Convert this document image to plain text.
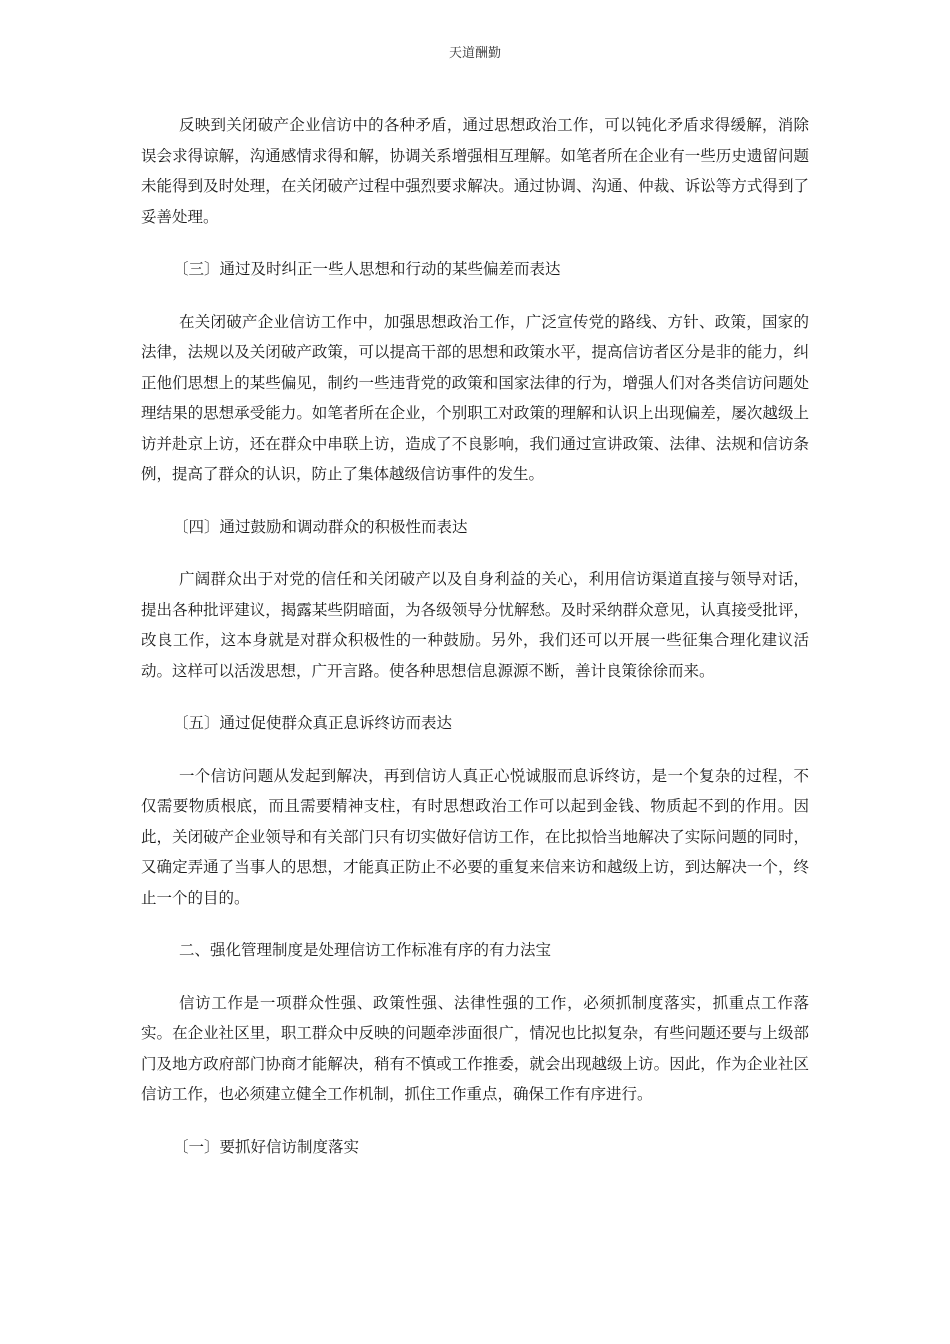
天道酬勤

反映到关闭破产企业信访中的各种矛盾，通过思想政治工作，可以钝化矛盾求得缓解，消除误会求得谅解，沟通感情求得和解，协调关系增强相互理解。如笔者所在企业有一些历史遗留问题未能得到及时处理，在关闭破产过程中强烈要求解决。通过协调、沟通、仲裁、诉讼等方式得到了妥善处理。

〔三〕通过及时纠正一些人思想和行动的某些偏差而表达

在关闭破产企业信访工作中，加强思想政治工作，广泛宣传党的路线、方针、政策，国家的法律，法规以及关闭破产政策，可以提高干部的思想和政策水平，提高信访者区分是非的能力，纠正他们思想上的某些偏见，制约一些违背党的政策和国家法律的行为，增强人们对各类信访问题处理结果的思想承受能力。如笔者所在企业，个别职工对政策的理解和认识上出现偏差，屡次越级上访并赴京上访，还在群众中串联上访，造成了不良影响，我们通过宣讲政策、法律、法规和信访条例，提高了群众的认识，防止了集体越级信访事件的发生。

〔四〕通过鼓励和调动群众的积极性而表达

广阔群众出于对党的信任和关闭破产以及自身利益的关心，利用信访渠道直接与领导对话，提出各种批评建议，揭露某些阴暗面，为各级领导分忧解愁。及时采纳群众意见，认真接受批评，改良工作，这本身就是对群众积极性的一种鼓励。另外，我们还可以开展一些征集合理化建议活动。这样可以活泼思想，广开言路。使各种思想信息源源不断，善计良策徐徐而来。

〔五〕通过促使群众真正息诉终访而表达

一个信访问题从发起到解决，再到信访人真正心悦诚服而息诉终访，是一个复杂的过程，不仅需要物质根底，而且需要精神支柱，有时思想政治工作可以起到金钱、物质起不到的作用。因此，关闭破产企业领导和有关部门只有切实做好信访工作，在比拟恰当地解决了实际问题的同时，又确定弄通了当事人的思想，才能真正防止不必要的重复来信来访和越级上访，到达解决一个，终止一个的目的。

二、强化管理制度是处理信访工作标准有序的有力法宝

信访工作是一项群众性强、政策性强、法律性强的工作，必须抓制度落实，抓重点工作落实。在企业社区里，职工群众中反映的问题牵涉面很广，情况也比拟复杂，有些问题还要与上级部门及地方政府部门协商才能解决，稍有不慎或工作推委，就会出现越级上访。因此，作为企业社区信访工作，也必须建立健全工作机制，抓住工作重点，确保工作有序进行。

〔一〕要抓好信访制度落实
